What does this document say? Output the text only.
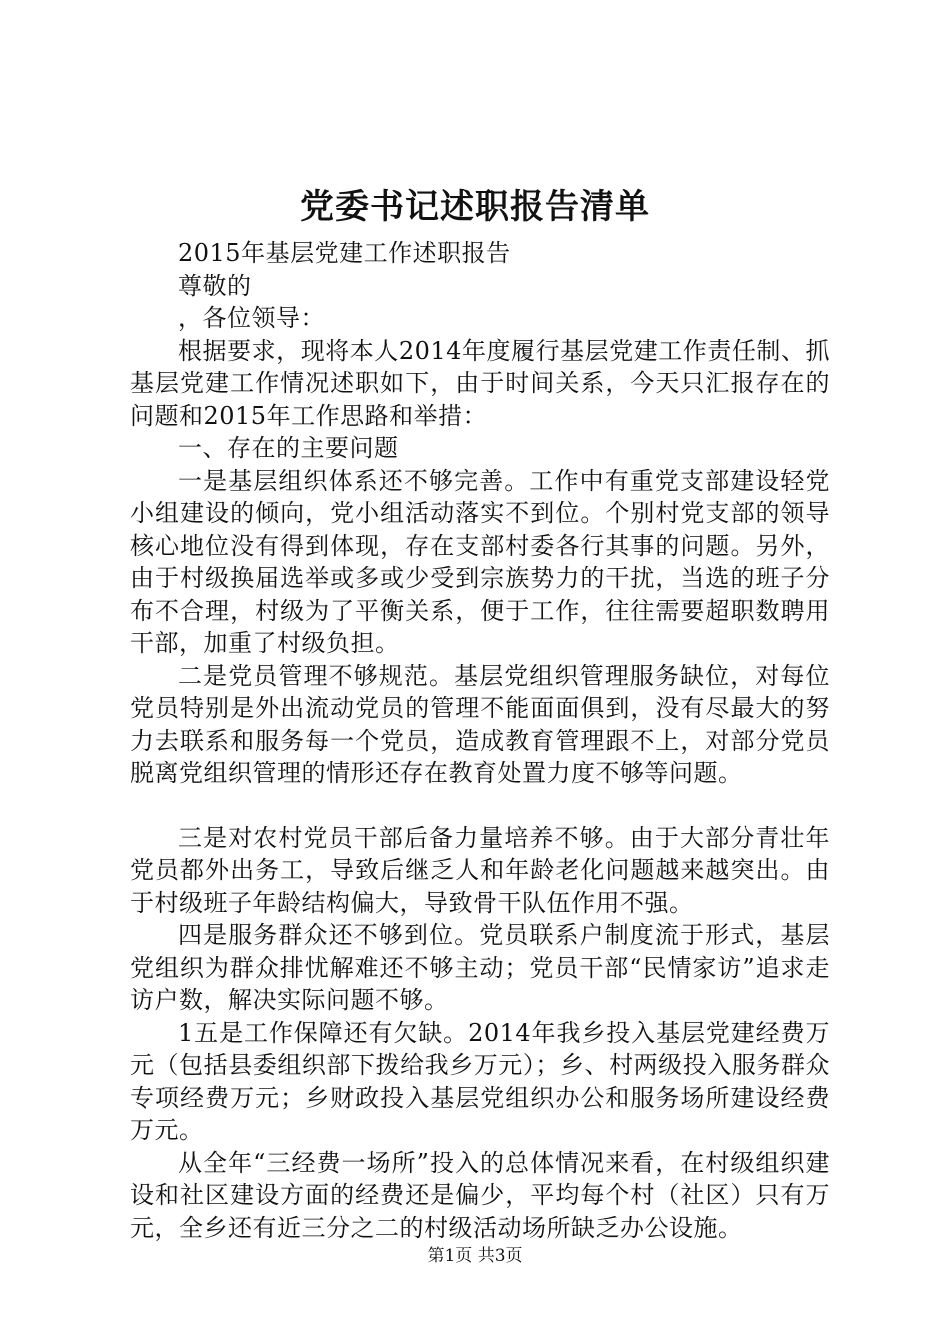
党委书记述职报告清单

2015年基层党建工作述职报告

尊敬的

，各位领导：

根据要求，现将本人2014年度履行基层党建工作责任制、抓基层党建工作情况述职如下，由于时间关系，今天只汇报存在的问题和2015年工作思路和举措：

一、存在的主要问题

一是基层组织体系还不够完善。工作中有重党支部建设轻党小组建设的倾向，党小组活动落实不到位。个别村党支部的领导核心地位没有得到体现，存在支部村委各行其事的问题。另外，由于村级换届选举或多或少受到宗族势力的干扰，当选的班子分布不合理，村级为了平衡关系，便于工作，往往需要超职数聘用干部，加重了村级负担。

二是党员管理不够规范。基层党组织管理服务缺位，对每位党员特别是外出流动党员的管理不能面面俱到，没有尽最大的努力去联系和服务每一个党员，造成教育管理跟不上，对部分党员脱离党组织管理的情形还存在教育处置力度不够等问题。

三是对农村党员干部后备力量培养不够。由于大部分青壮年党员都外出务工，导致后继乏人和年龄老化问题越来越突出。由于村级班子年龄结构偏大，导致骨干队伍作用不强。

四是服务群众还不够到位。党员联系户制度流于形式，基层党组织为群众排忧解难还不够主动；党员干部“民情家访”追求走访户数，解决实际问题不够。

1五是工作保障还有欠缺。2014年我乡投入基层党建经费万元（包括县委组织部下拨给我乡万元）；乡、村两级投入服务群众专项经费万元；乡财政投入基层党组织办公和服务场所建设经费万元。

从全年“三经费一场所”投入的总体情况来看，在村级组织建设和社区建设方面的经费还是偏少，平均每个村（社区）只有万元，全乡还有近三分之二的村级活动场所缺乏办公设施。

第1页 共3页
